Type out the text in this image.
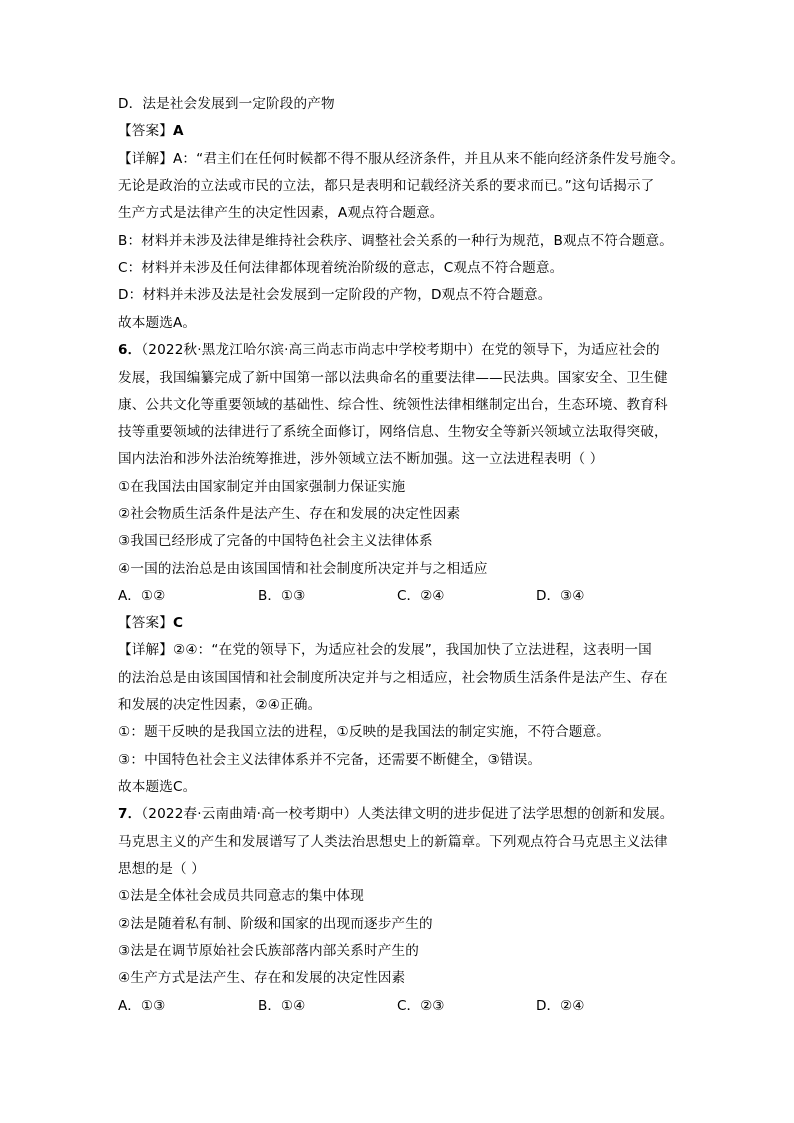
D．法是社会发展到一定阶段的产物
【答案】A
【详解】A：“君主们在任何时候都不得不服从经济条件，并且从来不能向经济条件发号施令。
无论是政治的立法或市民的立法，都只是表明和记载经济关系的要求而已。”这句话揭示了
生产方式是法律产生的决定性因素，A观点符合题意。
B：材料并未涉及法律是维持社会秩序、调整社会关系的一种行为规范，B观点不符合题意。
C：材料并未涉及任何法律都体现着统治阶级的意志，C观点不符合题意。
D：材料并未涉及法是社会发展到一定阶段的产物，D观点不符合题意。
故本题选A。
6．（2022秋·黑龙江哈尔滨·高三尚志市尚志中学校考期中）在党的领导下，为适应社会的
发展，我国编纂完成了新中国第一部以法典命名的重要法律——民法典。国家安全、卫生健
康、公共文化等重要领域的基础性、综合性、统领性法律相继制定出台，生态环境、教育科
技等重要领域的法律进行了系统全面修订，网络信息、生物安全等新兴领域立法取得突破，
国内法治和涉外法治统筹推进，涉外领域立法不断加强。这一立法进程表明（ ）
①在我国法由国家制定并由国家强制力保证实施
②社会物质生活条件是法产生、存在和发展的决定性因素
③我国已经形成了完备的中国特色社会主义法律体系
④一国的法治总是由该国国情和社会制度所决定并与之相适应
A．①②	B．①③	C．②④	D．③④
【答案】C
【详解】②④：“在党的领导下，为适应社会的发展”，我国加快了立法进程，这表明一国
的法治总是由该国国情和社会制度所决定并与之相适应，社会物质生活条件是法产生、存在
和发展的决定性因素，②④正确。
①：题干反映的是我国立法的进程，①反映的是我国法的制定实施，不符合题意。
③：中国特色社会主义法律体系并不完备，还需要不断健全，③错误。
故本题选C。
7．（2022春·云南曲靖·高一校考期中）人类法律文明的进步促进了法学思想的创新和发展。
马克思主义的产生和发展谱写了人类法治思想史上的新篇章。下列观点符合马克思主义法律
思想的是（ ）
①法是全体社会成员共同意志的集中体现
②法是随着私有制、阶级和国家的出现而逐步产生的
③法是在调节原始社会氏族部落内部关系时产生的
④生产方式是法产生、存在和发展的决定性因素
A．①③	B．①④	C．②③	D．②④
